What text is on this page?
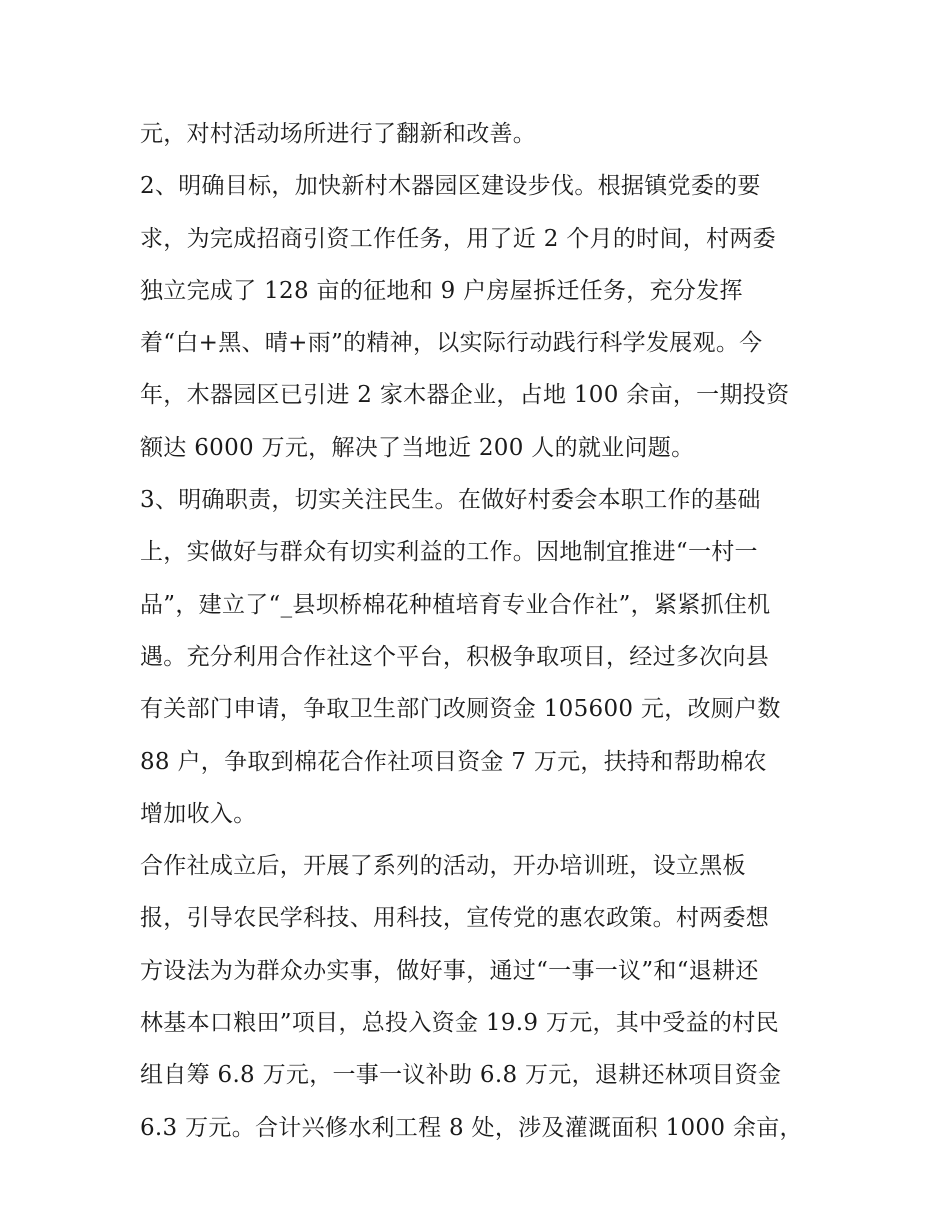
元，对村活动场所进行了翻新和改善。
2、明确目标，加快新村木器园区建设步伐。根据镇党委的要
求，为完成招商引资工作任务，用了近 2 个月的时间，村两委
独立完成了 128 亩的征地和 9 户房屋拆迁任务，充分发挥
着“白+黑、晴+雨”的精神，以实际行动践行科学发展观。今
年，木器园区已引进 2 家木器企业，占地 100 余亩，一期投资
额达 6000 万元，解决了当地近 200 人的就业问题。
3、明确职责，切实关注民生。在做好村委会本职工作的基础
上，实做好与群众有切实利益的工作。因地制宜推进“一村一
品”，建立了“_县坝桥棉花种植培育专业合作社”，紧紧抓住机
遇。充分利用合作社这个平台，积极争取项目，经过多次向县
有关部门申请，争取卫生部门改厕资金 105600 元，改厕户数
88 户，争取到棉花合作社项目资金 7 万元，扶持和帮助棉农
增加收入。
合作社成立后，开展了系列的活动，开办培训班，设立黑板
报，引导农民学科技、用科技，宣传党的惠农政策。村两委想
方设法为为群众办实事，做好事，通过“一事一议”和“退耕还
林基本口粮田”项目，总投入资金 19.9 万元，其中受益的村民
组自筹 6.8 万元，一事一议补助 6.8 万元，退耕还林项目资金
6.3 万元。合计兴修水利工程 8 处，涉及灌溉面积 1000 余亩，
